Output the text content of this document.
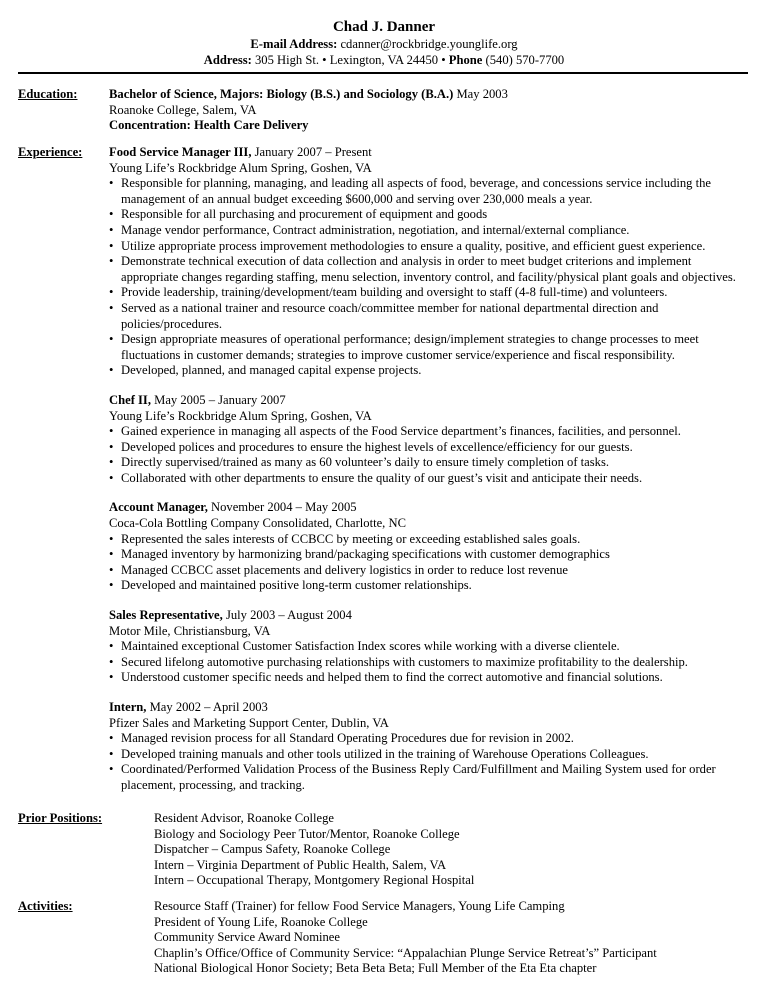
Chad J. Danner
E-mail Address: cdanner@rockbridge.younglife.org
Address: 305 High St. • Lexington, VA 24450 • Phone (540) 570-7700
Education:	Bachelor of Science, Majors: Biology (B.S.) and Sociology (B.A.) May 2003
Roanoke College, Salem, VA
Concentration: Health Care Delivery
Experience: Food Service Manager III, January 2007 – Present
Young Life’s Rockbridge Alum Spring, Goshen, VA
• Responsible for planning, managing, and leading all aspects of food, beverage, and concessions service including the
management of an annual budget exceeding $600,000 and serving over 230,000 meals a year.
• Responsible for all purchasing and procurement of equipment and goods
• Manage vendor performance, Contract administration, negotiation, and internal/external compliance.
• Utilize appropriate process improvement methodologies to ensure a quality, positive, and efficient guest experience.
• Demonstrate technical execution of data collection and analysis in order to meet budget criterions and implement
appropriate changes regarding staffing, menu selection, inventory control, and facility/physical plant goals and objectives.
• Provide leadership, training/development/team building and oversight to staff (4-8 full-time) and volunteers.
• Served as a national trainer and resource coach/committee member for national departmental direction and
policies/procedures.
• Design appropriate measures of operational performance; design/implement strategies to change processes to meet
fluctuations in customer demands; strategies to improve customer service/experience and fiscal responsibility.
• Developed, planned, and managed capital expense projects.
Chef II, May 2005 – January 2007
Young Life’s Rockbridge Alum Spring, Goshen, VA
• Gained experience in managing all aspects of the Food Service department’s finances, facilities, and personnel.
• Developed polices and procedures to ensure the highest levels of excellence/efficiency for our guests.
• Directly supervised/trained as many as 60 volunteer’s daily to ensure timely completion of tasks.
• Collaborated with other departments to ensure the quality of our guest’s visit and anticipate their needs.
Account Manager, November 2004 – May 2005
Coca-Cola Bottling Company Consolidated, Charlotte, NC
• Represented the sales interests of CCBCC by meeting or exceeding established sales goals.
• Managed inventory by harmonizing brand/packaging specifications with customer demographics
• Managed CCBCC asset placements and delivery logistics in order to reduce lost revenue
• Developed and maintained positive long-term customer relationships.
Sales Representative, July 2003 – August 2004
Motor Mile, Christiansburg, VA
• Maintained exceptional Customer Satisfaction Index scores while working with a diverse clientele.
• Secured lifelong automotive purchasing relationships with customers to maximize profitability to the dealership.
• Understood customer specific needs and helped them to find the correct automotive and financial solutions.
Intern, May 2002 – April 2003
Pfizer Sales and Marketing Support Center, Dublin, VA
• Managed revision process for all Standard Operating Procedures due for revision in 2002.
• Developed training manuals and other tools utilized in the training of Warehouse Operations Colleagues.
• Coordinated/Performed Validation Process of the Business Reply Card/Fulfillment and Mailing System used for order
placement, processing, and tracking.
Prior Positions:	Resident Advisor, Roanoke College
Biology and Sociology Peer Tutor/Mentor, Roanoke College
Dispatcher – Campus Safety, Roanoke College
Intern – Virginia Department of Public Health, Salem, VA
Intern – Occupational Therapy, Montgomery Regional Hospital
Activities:	Resource Staff (Trainer) for fellow Food Service Managers, Young Life Camping
President of Young Life, Roanoke College
Community Service Award Nominee
Chaplin’s Office/Office of Community Service: “Appalachian Plunge Service Retreat’s” Participant
National Biological Honor Society; Beta Beta Beta; Full Member of the Eta Eta chapter
